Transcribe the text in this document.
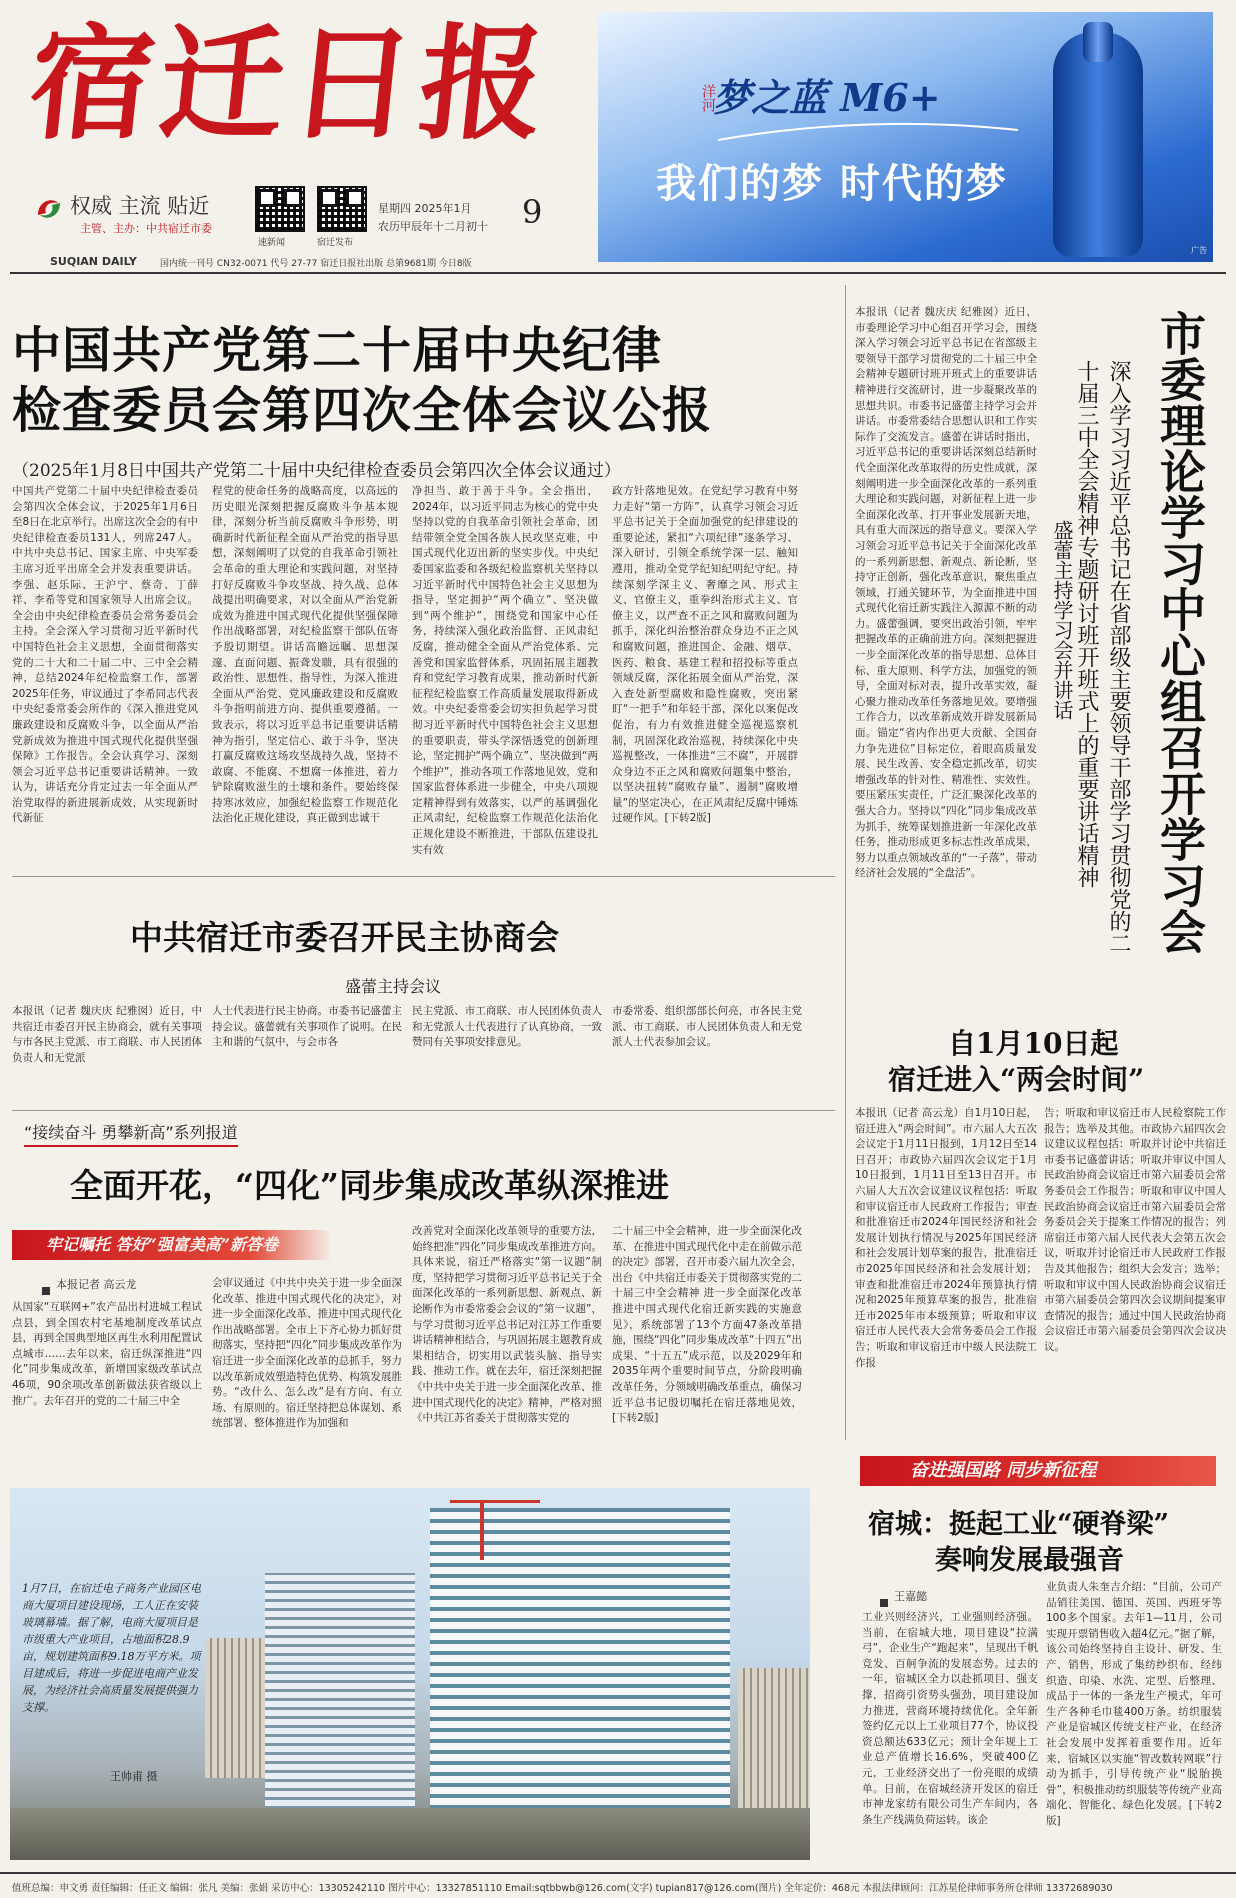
宿迁日报
权威 主流 贴近
主管、主办：中共宿迁市委
速新闻	宿迁发布
星期四 2025年1月
农历甲辰年十二月初十 9
SUQIAN DAILY	国内统一刊号 CN32-0071 代号 27-77 宿迁日报社出版 总第9681期 今日8版
洋河
梦之蓝 M6+
我们的梦 时代的梦
广告
中国共产党第二十届中央纪律
检查委员会第四次全体会议公报
（2025年1月8日中国共产党第二十届中央纪律检查委员会第四次全体会议通过）
中国共产党第二十届中央纪律检查委员会第四次全体会议，于2025年1月6日至8日在北京举行。出席这次全会的有中央纪律检查委员131人，列席247人。中共中央总书记、国家主席、中央军委主席习近平出席全会并发表重要讲话。李强、赵乐际、王沪宁、蔡奇、丁薛祥、李希等党和国家领导人出席会议。全会由中央纪律检查委员会常务委员会主持。全会深入学习贯彻习近平新时代中国特色社会主义思想，全面贯彻落实党的二十大和二十届二中、三中全会精神，总结2024年纪检监察工作，部署2025年任务，审议通过了李希同志代表中央纪委常委会所作的《深入推进党风廉政建设和反腐败斗争，以全面从严治党新成效为推进中国式现代化提供坚强保障》工作报告。全会认真学习、深刻领会习近平总书记重要讲话精神。一致认为，讲话充分肯定过去一年全面从严治党取得的新进展新成效，从实现新时代新征
程党的使命任务的战略高度，以高远的历史眼光深刻把握反腐败斗争基本规律，深刻分析当前反腐败斗争形势，明确新时代新征程全面从严治党的指导思想，深刻阐明了以党的自我革命引领社会革命的重大理论和实践问题，对坚持打好反腐败斗争攻坚战、持久战、总体战提出明确要求，对以全面从严治党新成效为推进中国式现代化提供坚强保障作出战略部署，对纪检监察干部队伍寄予殷切期望。讲话高瞻远瞩、思想深邃、直面问题、振聋发聩，具有很强的政治性、思想性、指导性，为深入推进全面从严治党、党风廉政建设和反腐败斗争指明前进方向、提供重要遵循。一致表示，将以习近平总书记重要讲话精神为指引，坚定信心、敢于斗争，坚决打赢反腐败这场攻坚战持久战，坚持不敢腐、不能腐、不想腐一体推进，着力铲除腐败滋生的土壤和条件。要始终保持寒冰效应，加强纪检监察工作规范化法治化正规化建设，真正做到忠诚干
净担当、敢于善于斗争。全会指出，2024年，以习近平同志为核心的党中央坚持以党的自我革命引领社会革命，团结带领全党全国各族人民攻坚克难，中国式现代化迈出新的坚实步伐。中央纪委国家监委和各级纪检监察机关坚持以习近平新时代中国特色社会主义思想为指导，坚定拥护“两个确立”、坚决做到“两个维护”，围绕党和国家中心任务，持续深入强化政治监督、正风肃纪反腐，推动健全全面从严治党体系、完善党和国家监督体系，巩固拓展主题教育和党纪学习教育成果，推动新时代新征程纪检监察工作高质量发展取得新成效。中央纪委常委会切实担负起学习贯彻习近平新时代中国特色社会主义思想的重要职责，带头学深悟透党的创新理论，坚定拥护“两个确立”、坚决做到“两个维护”，推动各项工作落地见效，党和国家监督体系进一步健全，中央八项规定精神得到有效落实，以严的基调强化正风肃纪，纪检监察工作规范化法治化正规化建设不断推进，干部队伍建设扎实有效
政方针落地见效。在党纪学习教育中努力走好“第一方阵”，认真学习领会习近平总书记关于全面加强党的纪律建设的重要论述，紧扣“六项纪律”逐条学习、深入研讨，引领全系统学深一层、触知遵用，推动全党学纪知纪明纪守纪。持续深刻学深主义、奢靡之风、形式主义、官僚主义，重拳纠治形式主义、官僚主义，以严查不正之风和腐败问题为抓手，深化纠治整治群众身边不正之风和腐败问题，推进国企、金融、烟草、医药、粮食、基建工程和招投标等重点领域反腐，深化拓展全面从严治党，深入查处新型腐败和隐性腐败，突出紧盯“一把手”和年轻干部，深化以案促改促治，有力有效推进健全巡视巡察机制，巩固深化政治巡视，持续深化中央巡视整改，一体推进“三不腐”，开展群众身边不正之风和腐败问题集中整治，以坚决扭转“腐败存量”、遏制“腐败增量”的坚定决心，在正风肃纪反腐中锤炼过硬作风。[下转2版]	市委理论学习中心组召开学习会
深入学习习近平总书记在省部级主要领导干部学习贯彻党的二十届三中全会精神专题研讨班开班式上的重要讲话精神
盛蕾主持学习会并讲话
本报讯（记者 魏庆庆 纪雅囡）近日，市委理论学习中心组召开学习会，围绕深入学习领会习近平总书记在省部级主要领导干部学习贯彻党的二十届三中全会精神专题研讨班开班式上的重要讲话精神进行交流研讨，进一步凝聚改革的思想共识。市委书记盛蕾主持学习会并讲话。市委常委结合思想认识和工作实际作了交流发言。盛蕾在讲话时指出，习近平总书记的重要讲话深刻总结新时代全面深化改革取得的历史性成就，深刻阐明进一步全面深化改革的一系列重大理论和实践问题，对新征程上进一步全面深化改革、打开事业发展新天地，具有重大而深远的指导意义。要深入学习领会习近平总书记关于全面深化改革的一系列新思想、新观点、新论断，坚持守正创新，强化改革意识，聚焦重点领域，打通关键环节，为全面推进中国式现代化宿迁新实践注入源源不断的动力。盛蕾强调，要突出政治引领，牢牢把握改革的正确前进方向。深刻把握进一步全面深化改革的指导思想、总体目标、重大原则、科学方法，加强党的领导，全面对标对表，提升改革实效，凝心聚力推动改革任务落地见效。要增强工作合力，以改革新成效开辟发展新局面。锚定“省内作出更大贡献、全国奋力争先进位”目标定位，着眼高质量发展、民生改善、安全稳定抓改革，切实增强改革的针对性、精准性、实效性。要压紧压实责任，广泛汇聚深化改革的强大合力。坚持以“四化”同步集成改革为抓手，统筹谋划推进新一年深化改革任务，推动形成更多标志性改革成果，努力以重点领域改革的“一子落”，带动经济社会发展的“全盘活”。
中共宿迁市委召开民主协商会
盛蕾主持会议
本报讯（记者 魏庆庆 纪雅囡）近日，中共宿迁市委召开民主协商会，就有关事项与市各民主党派、市工商联、市人民团体负责人和无党派
人士代表进行民主协商。市委书记盛蕾主持会议。盛蕾就有关事项作了说明。在民主和谐的气氛中，与会市各
民主党派、市工商联、市人民团体负责人和无党派人士代表进行了认真协商，一致赞同有关事项安排意见。
市委常委、组织部部长何亮，市各民主党派、市工商联、市人民团体负责人和无党派人士代表参加会议。	自1月10日起
宿迁进入“两会时间”
本报讯（记者 高云龙）自1月10日起，宿迁进入“两会时间”。市六届人大五次会议定于1月11日报到，1月12日至14日召开；市政协六届四次会议定于1月10日报到，1月11日至13日召开。市六届人大五次会议建议议程包括：听取和审议宿迁市人民政府工作报告；审查和批准宿迁市2024年国民经济和社会发展计划执行情况与2025年国民经济和社会发展计划草案的报告，批准宿迁市2025年国民经济和社会发展计划；审查和批准宿迁市2024年预算执行情况和2025年预算草案的报告，批准宿迁市2025年市本级预算；听取和审议宿迁市人民代表大会常务委员会工作报告；听取和审议宿迁市中级人民法院工作报
告；听取和审议宿迁市人民检察院工作报告；选举及其他。市政协六届四次会议建议议程包括：听取并讨论中共宿迁市委书记盛蕾讲话；听取并审议中国人民政治协商会议宿迁市第六届委员会常务委员会工作报告；听取和审议中国人民政治协商会议宿迁市第六届委员会常务委员会关于提案工作情况的报告；列席宿迁市第六届人民代表大会第五次会议，听取并讨论宿迁市人民政府工作报告及其他报告；组织大会发言；选举；听取和审议中国人民政治协商会议宿迁市第六届委员会第四次会议期间提案审查情况的报告；通过中国人民政治协商会议宿迁市第六届委员会第四次会议决议。
“接续奋斗 勇攀新高”系列报道
全面开花，“四化”同步集成改革纵深推进
牢记嘱托 答好“强富美高”新答卷
本报记者 高云龙
从国家“互联网+”农产品出村进城工程试点县，到全国农村宅基地制度改革试点县，再到全国典型地区再生水利用配置试点城市……去年以来，宿迁纵深推进“四化”同步集成改革，新增国家级改革试点46项，90余项改革创新做法获省级以上推广。去年召开的党的二十届三中全
会审议通过《中共中央关于进一步全面深化改革、推进中国式现代化的决定》，对进一步全面深化改革、推进中国式现代化作出战略部署。全市上下齐心协力抓好贯彻落实，坚持把“四化”同步集成改革作为宿迁进一步全面深化改革的总抓手，努力以改革新成效塑造特色优势、构筑发展胜势。“改什么、怎么改”是有方向、有立场、有原则的。宿迁坚持把总体谋划、系统部署、整体推进作为加强和
改善党对全面深化改革领导的重要方法，始终把准“四化”同步集成改革推进方向。具体来说，宿迁严格落实“第一议题”制度，坚持把学习贯彻习近平总书记关于全面深化改革的一系列新思想、新观点、新论断作为市委常委会会议的“第一议题”，与学习贯彻习近平总书记对江苏工作重要讲话精神相结合，与巩固拓展主题教育成果相结合，切实用以武装头脑、指导实践、推动工作。就在去年，宿迁深刻把握《中共中央关于进一步全面深化改革、推进中国式现代化的决定》精神，严格对照《中共江苏省委关于贯彻落实党的
二十届三中全会精神，进一步全面深化改革、在推进中国式现代化中走在前做示范的决定》部署，召开市委六届九次全会，出台《中共宿迁市委关于贯彻落实党的二十届三中全会精神 进一步全面深化改革 推进中国式现代化宿迁新实践的实施意见》，系统部署了13个方面47条改革措施，围绕“四化”同步集成改革“十四五”出成果、“十五五”成示范，以及2029年和2035年两个重要时间节点，分阶段明确改革任务，分领域明确改革重点，确保习近平总书记殷切嘱托在宿迁落地见效，[下转2版]
1月7日，在宿迁电子商务产业园区电商大厦项目建设现场，工人正在安装玻璃幕墙。据了解，电商大厦项目是市级重大产业项目，占地面积28.9亩，规划建筑面积9.18万平方米。项目建成后，将进一步促进电商产业发展，为经济社会高质量发展提供强力支撑。
王帅甫 摄
奋进强国路 同步新征程
宿城：挺起工业“硬脊梁”
奏响发展最强音
王嘉懿
工业兴则经济兴，工业强则经济强。当前，在宿城大地，项目建设“拉满弓”，企业生产“跑起来”，呈现出千帆竞发、百舸争流的发展态势。过去的一年，宿城区全力以赴抓项目、强支撑，招商引资势头强劲，项目建设加力推进，营商环境持续优化。全年新签约亿元以上工业项目77个，协议投资总额达633亿元；预计全年规上工业总产值增长16.6%，突破400亿元，工业经济交出了一份亮眼的成绩单。日前，在宿城经济开发区的宿迁市神龙家纺有限公司生产车间内，各条生产线满负荷运转。该企
业负责人朱奎吉介绍：“目前，公司产品销往美国、德国、英国、西班牙等100多个国家。去年1—11月，公司实现开票销售收入超4亿元。”据了解，该公司始终坚持自主设计、研发、生产、销售，形成了集纺纱织布、经纬织造、印染、水洗、定型、后整理、成品于一体的一条龙生产模式，年可生产各种毛巾毯400万条。纺织服装产业是宿城区传统支柱产业，在经济社会发展中发挥着重要作用。近年来，宿城区以实施“智改数转网联”行动为抓手，引导传统产业“脱胎换骨”，积极推动纺织服装等传统产业高端化、智能化、绿色化发展。[下转2版]
值班总编：申文勇 责任编辑：任正文 编辑：张凡 美编：张娟 采访中心：13305242110 图片中心：13327851110 Email:sqtbbwb@126.com(文字) tupian817@126.com(图片) 全年定价：468元 本报法律顾问：江苏星伦律师事务所仓律师 13372689030
